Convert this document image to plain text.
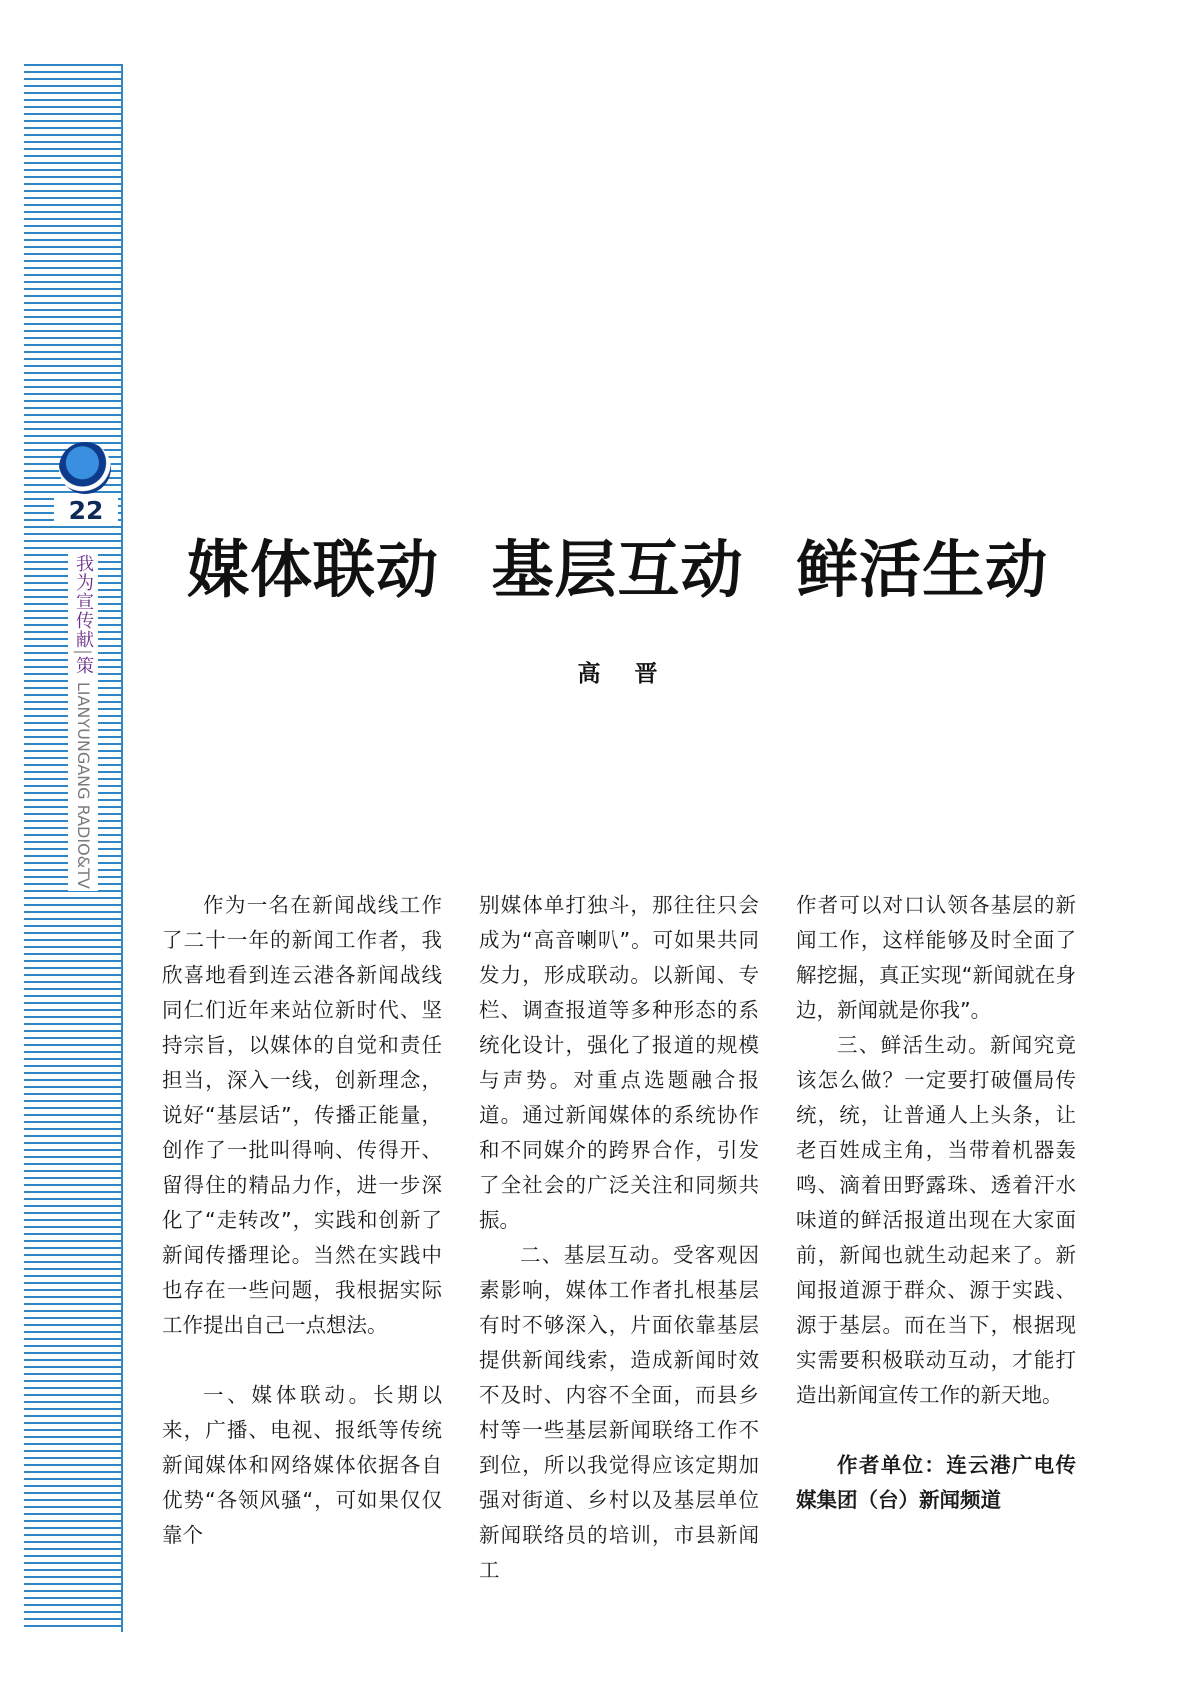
22
我为宣传献|策 LIANYUNGANG RADIO&TV
媒体联动 基层互动 鲜活生动
高晋

作为一名在新闻战线工作了二十一年的新闻工作者，我欣喜地看到连云港各新闻战线同仁们近年来站位新时代、坚持宗旨，以媒体的自觉和责任担当，深入一线，创新理念，说好“基层话”，传播正能量，创作了一批叫得响、传得开、留得住的精品力作，进一步深化了“走转改”，实践和创新了新闻传播理论。当然在实践中也存在一些问题，我根据实际工作提出自己一点想法。

一、媒体联动。长期以来，广播、电视、报纸等传统新闻媒体和网络媒体依据各自优势“各领风骚“，可如果仅仅靠个

别媒体单打独斗，那往往只会成为“高音喇叭”。可如果共同发力，形成联动。以新闻、专栏、调查报道等多种形态的系统化设计，强化了报道的规模与声势。对重点选题融合报道。通过新闻媒体的系统协作和不同媒介的跨界合作，引发了全社会的广泛关注和同频共振。

二、基层互动。受客观因素影响，媒体工作者扎根基层有时不够深入，片面依靠基层提供新闻线索，造成新闻时效不及时、内容不全面，而县乡村等一些基层新闻联络工作不到位，所以我觉得应该定期加强对街道、乡村以及基层单位新闻联络员的培训，市县新闻工

作者可以对口认领各基层的新闻工作，这样能够及时全面了解挖掘，真正实现“新闻就在身边，新闻就是你我”。

三、鲜活生动。新闻究竟该怎么做？一定要打破僵局传统，统，让普通人上头条，让老百姓成主角，当带着机器轰鸣、滴着田野露珠、透着汗水味道的鲜活报道出现在大家面前，新闻也就生动起来了。新闻报道源于群众、源于实践、源于基层。而在当下，根据现实需要积极联动互动，才能打造出新闻宣传工作的新天地。

作者单位：连云港广电传媒集团（台）新闻频道
